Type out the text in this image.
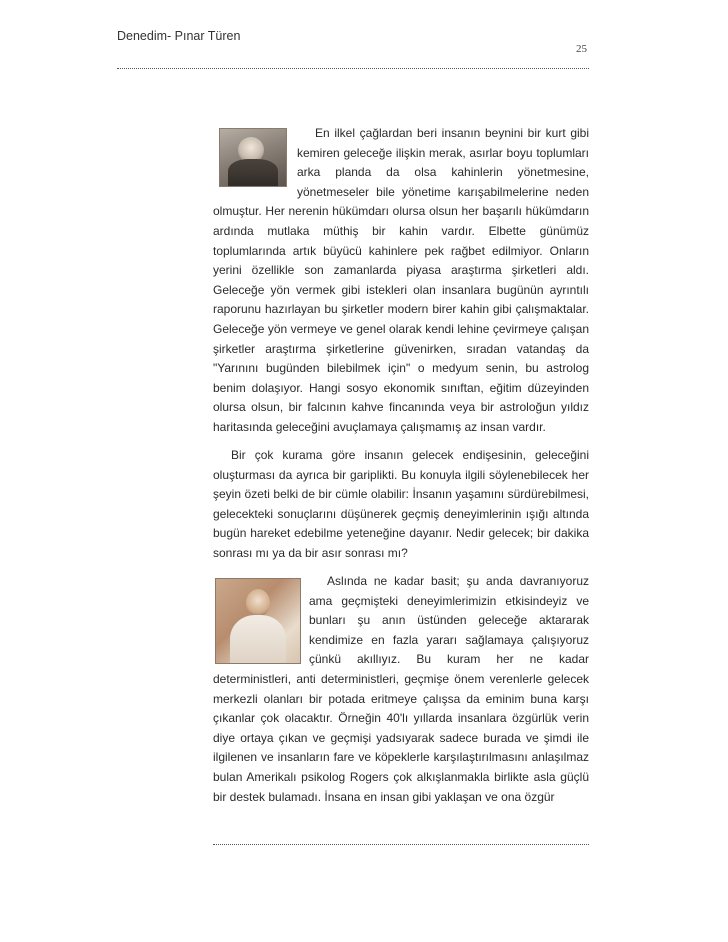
Denedim- Pınar Türen
25

En ilkel çağlardan beri insanın beynini bir kurt gibi kemiren geleceğe ilişkin merak, asırlar boyu toplumları arka planda da olsa kahinlerin yönetmesine, yönetmeseler bile yönetime karışabilmelerine neden olmuştur. Her nerenin hükümdarı olursa olsun her başarılı hükümdarın ardında mutlaka müthiş bir kahin vardır. Elbette günümüz toplumlarında artık büyücü kahinlere pek rağbet edilmiyor. Onların yerini özellikle son zamanlarda piyasa araştırma şirketleri aldı. Geleceğe yön vermek gibi istekleri olan insanlara bugünün ayrıntılı raporunu hazırlayan bu şirketler modern birer kahin gibi çalışmaktalar. Geleceğe yön vermeye ve genel olarak kendi lehine çevirmeye çalışan şirketler araştırma şirketlerine güvenirken, sıradan vatandaş da "Yarınını bugünden bilebilmek için" o medyum senin, bu astrolog benim dolaşıyor. Hangi sosyo ekonomik sınıftan, eğitim düzeyinden olursa olsun, bir falcının kahve fincanında veya bir astroloğun yıldız haritasında geleceğini avuçlamaya çalışmamış az insan vardır.

Bir çok kurama göre insanın gelecek endişesinin, geleceğini oluşturması da ayrıca bir gariplikti. Bu konuyla ilgili söylenebilecek her şeyin özeti belki de bir cümle olabilir: İnsanın yaşamını sürdürebilmesi, gelecekteki sonuçlarını düşünerek geçmiş deneyimlerinin ışığı altında bugün hareket edebilme yeteneğine dayanır. Nedir gelecek; bir dakika sonrası mı ya da bir asır sonrası mı?

Aslında ne kadar basit; şu anda davranıyoruz ama geçmişteki deneyimlerimizin etkisindeyiz ve bunları şu anın üstünden geleceğe aktararak kendimize en fazla yararı sağlamaya çalışıyoruz çünkü akıllıyız. Bu kuram her ne kadar deterministleri, anti deterministleri, geçmişe önem verenlerle gelecek merkezli olanları bir potada eritmeye çalışsa da eminim buna karşı çıkanlar çok olacaktır. Örneğin 40'lı yıllarda insanlara özgürlük verin diye ortaya çıkan ve geçmişi yadsıyarak sadece burada ve şimdi ile ilgilenen ve insanların fare ve köpeklerle karşılaştırılmasını anlaşılmaz bulan Amerikalı psikolog Rogers çok alkışlanmakla birlikte asla güçlü bir destek bulamadı. İnsana en insan gibi yaklaşan ve ona özgür
